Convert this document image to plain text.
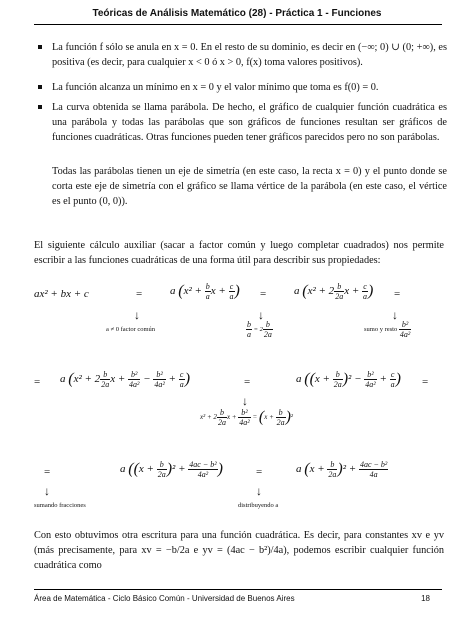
Teóricas de Análisis Matemático (28) - Práctica 1 - Funciones
La función f sólo se anula en x = 0. En el resto de su dominio, es decir en (−∞; 0) ∪ (0; +∞), es positiva (es decir, para cualquier x < 0 ó x > 0, f(x) toma valores positivos).
La función alcanza un mínimo en x = 0 y el valor mínimo que toma es f(0) = 0.
La curva obtenida se llama parábola. De hecho, el gráfico de cualquier función cuadrática es una parábola y todas las parábolas que son gráficos de funciones resultan ser gráficos de funciones cuadráticas. Otras funciones pueden tener gráficos parecidos pero no son parábolas.
Todas las parábolas tienen un eje de simetría (en este caso, la recta x = 0) y el punto donde se corta este eje de simetría con el gráfico se llama vértice de la parábola (en este caso, el vértice es el punto (0, 0)).
El siguiente cálculo auxiliar (sacar a factor común y luego completar cuadrados) nos permite escribir a las funciones cuadráticas de una forma útil para describir sus propiedades:
ax² + bx + c	=	a ($x^2 + \frac{b}{a}$ $x + \frac{c}{a}$ ) =	a ($x^2 + 2 \frac{b}{2a}$ $x + \frac{c}{a}$ ) =
↓	↓	↓
a ≠ 0 factor común	$\frac{b}{a} = 2 \frac{b}{2a}$	sumo y resto $\frac{\text{b²}}{\text{4a²}}$
= a ($x^2 + 2 \frac{b}{2a}$ $x + \frac{\text{b²}}{\text{4a²}} - \frac{\text{b²}}{\text{4a²}} + \frac{c}{a}$ )	=	a ($(x + \frac{b}{2a} )^2 - \frac{\text{b²}}{\text{4a²}} + \frac{c}{a}$ ) =
↓
$x^2 + 2 \frac{b}{2a}$ $x + \frac{\text{b²}}{\text{4a²}} = (x + \frac{b}{2a} )^2$
=	a ($(x + \frac{b}{2a} )^2 + \frac{\text{4ac − b²}}{\text{4a²}}$ )	=	a $(x + \frac{b}{2a} )^2 + \frac{\text{4ac − b²}}{4a}$
↓	↓
sumando fracciones	distribuyendo a
Con esto obtuvimos otra escritura para una función cuadrática. Es decir, para constantes xv e yv (más precisamente, para xv = −b/2a e yv = (4ac − b²)/4a), podemos escribir cualquier función cuadrática como
Área de Matemática - Ciclo Básico Común - Universidad de Buenos Aires	18
